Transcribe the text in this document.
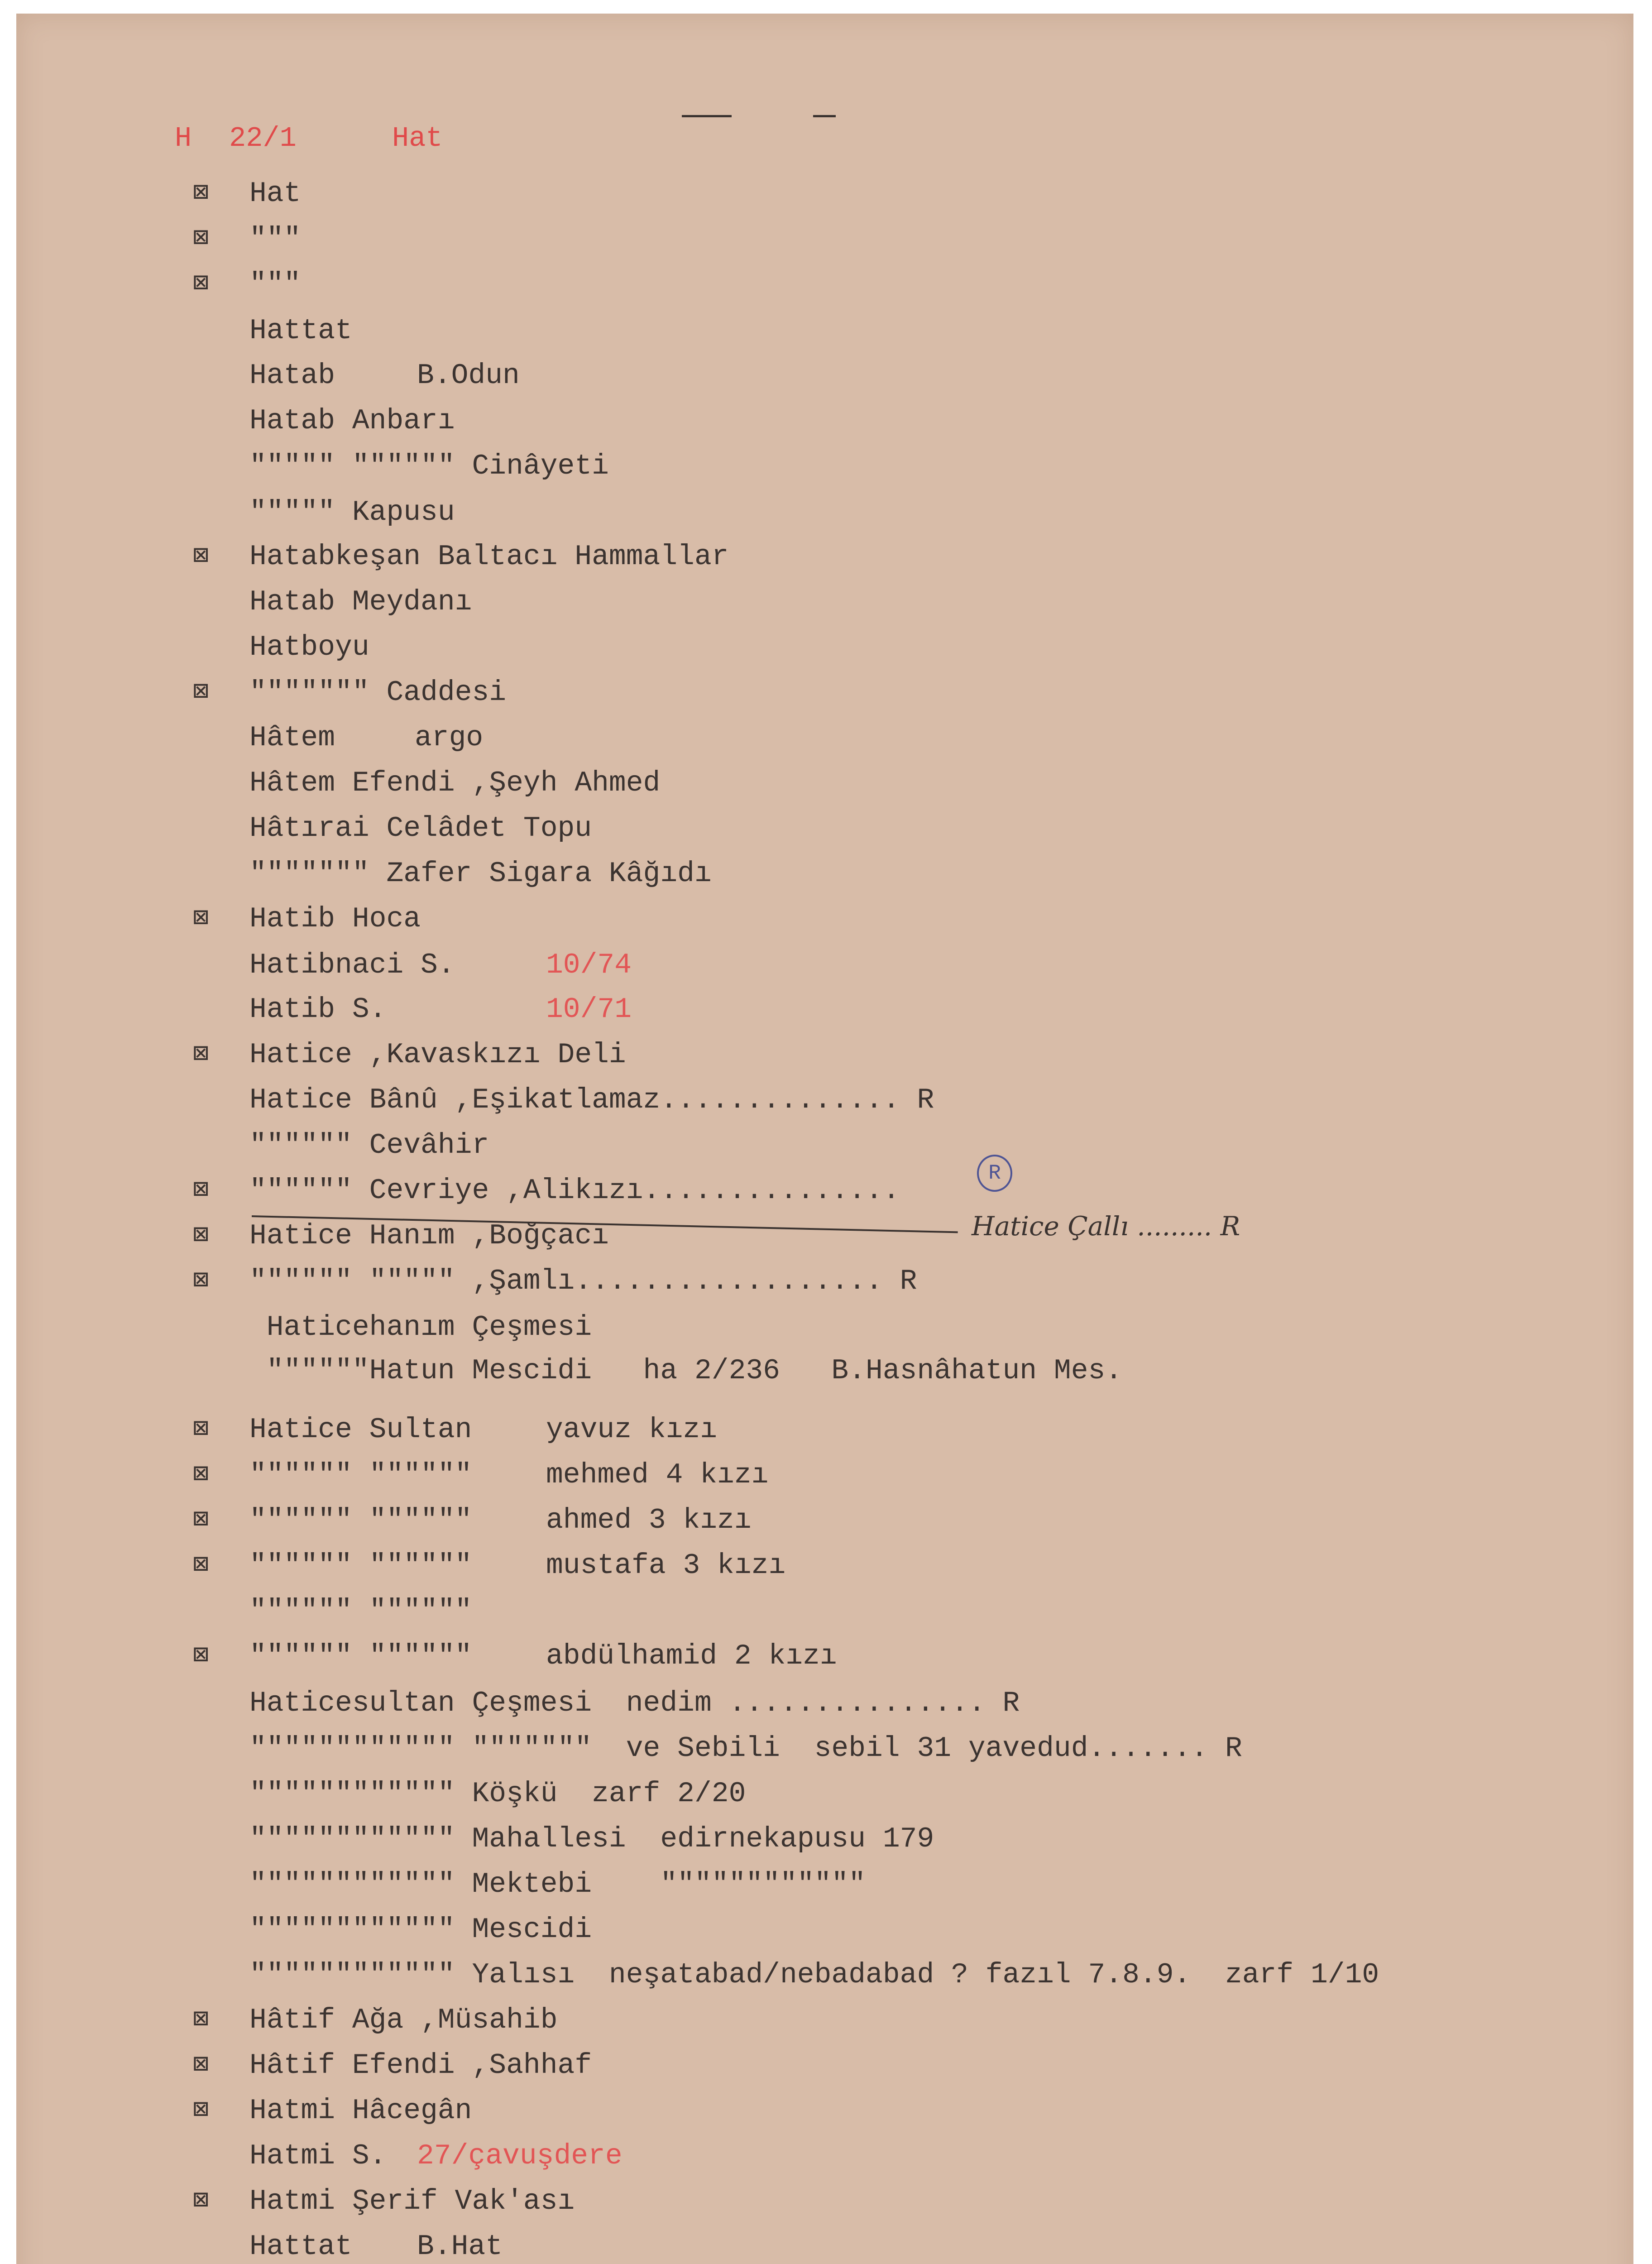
H

22/1

	Hat

⊠ Hat
⊠ """
⊠ """
Hattat
Hatab	B.Odun
Hatab Anbarı
""""" """""" Cinâyeti
""""" Kapusu
⊠ Hatabkeşan Baltacı Hammallar
Hatab Meydanı
Hatboyu
⊠ """"""" Caddesi
Hâtem	argo
Hâtem Efendi ,Şeyh Ahmed
Hâtırai Celâdet Topu
""""""" Zafer Sigara Kâğıdı
⊠ Hatib Hoca
Hatibnaci S.	10/74
Hatib S.	10/71
⊠ Hatice ,Kavaskızı Deli
Hatice Bânû ,Eşikatlamaz.............. R
"""""" Cevâhir
⊠ """""" Cevriye ,Alikızı...............
⊠ Hatice Hanım ,Boğçacı	Hatice Çallı ......... R
⊠ """""" """"" ,Şamlı.................. R
Haticehanım Çeşmesi
""""""Hatun Mescidi   ha 2/236   B.Hasnâhatun Mes.
⊠ Hatice Sultan	yavuz kızı
⊠ """""" """"""	mehmed 4 kızı
⊠ """""" """"""	ahmed 3 kızı
⊠ """""" """"""	mustafa 3 kızı
"""""" """"""
⊠ """""" """"""	abdülhamid 2 kızı
Haticesultan Çeşmesi  nedim ............... R
"""""""""""" """""""  ve Sebili  sebil 31 yavedud....... R
"""""""""""" Köşkü  zarf 2/20
"""""""""""" Mahallesi  edirnekapusu 179
"""""""""""" Mektebi    """"""""""""
"""""""""""" Mescidi
"""""""""""" Yalısı  neşatabad/nebadabad ? fazıl 7.8.9.  zarf 1/10
⊠ Hâtif Ağa ,Müsahib
⊠ Hâtif Efendi ,Sahhaf
⊠ Hatmi Hâcegân
Hatmi S. 27/çavuşdere
⊠ Hatmi Şerif Vak'ası
Hattat B.Hat
R
